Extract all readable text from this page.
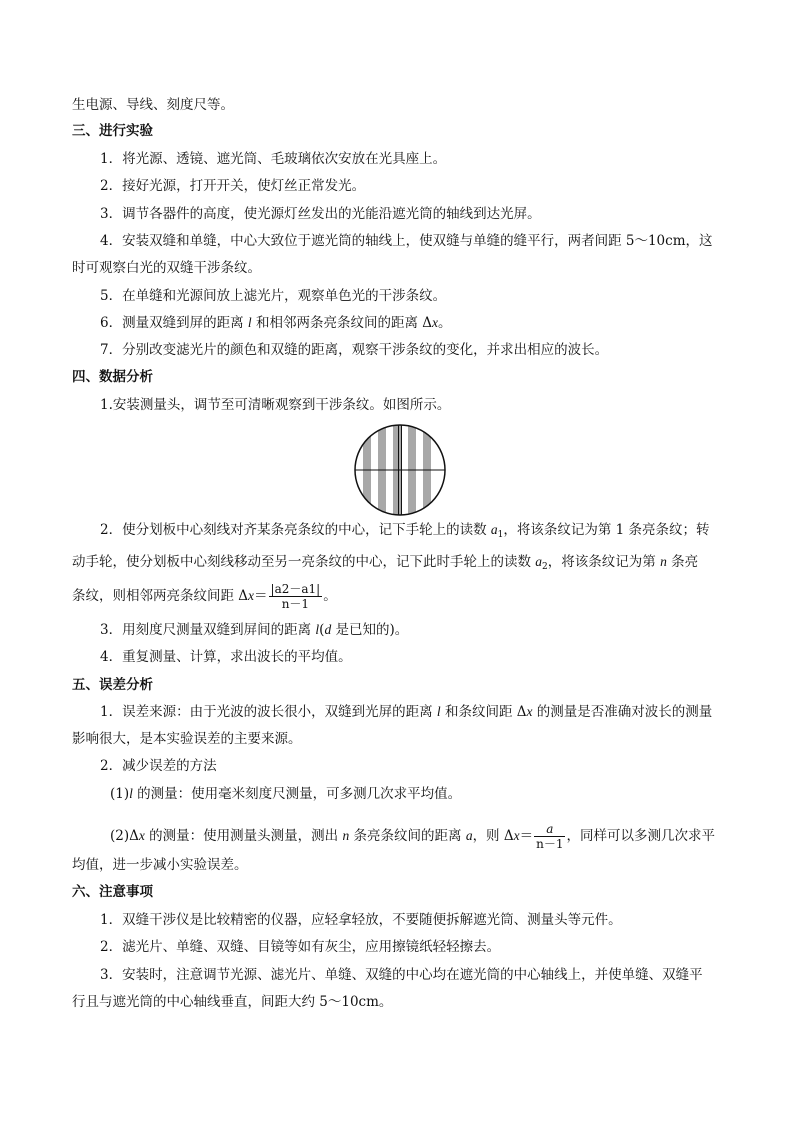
生电源、导线、刻度尺等。
三、进行实验
1．将光源、透镜、遮光筒、毛玻璃依次安放在光具座上。
2．接好光源，打开开关，使灯丝正常发光。
3．调节各器件的高度，使光源灯丝发出的光能沿遮光筒的轴线到达光屏。
4．安装双缝和单缝，中心大致位于遮光筒的轴线上，使双缝与单缝的缝平行，两者间距 5～10cm，这
时可观察白光的双缝干涉条纹。
5．在单缝和光源间放上滤光片，观察单色光的干涉条纹。
6．测量双缝到屏的距离 l 和相邻两条亮条纹间的距离 Δx。
7．分别改变滤光片的颜色和双缝的距离，观察干涉条纹的变化，并求出相应的波长。
四、数据分析
1.安装测量头，调节至可清晰观察到干涉条纹。如图所示。
2．使分划板中心刻线对齐某条亮条纹的中心，记下手轮上的读数 $a_1$，将该条纹记为第 1 条亮条纹；转
动手轮，使分划板中心刻线移动至另一亮条纹的中心，记下此时手轮上的读数 $a_2$，将该条纹记为第 n 条亮
条纹，则相邻两亮条纹间距 $\Delta x= \frac{|a2-a1|}{n-1}$ 。
3．用刻度尺测量双缝到屏间的距离 l(d 是已知的)。
4．重复测量、计算，求出波长的平均值。
五、误差分析
1．误差来源：由于光波的波长很小，双缝到光屏的距离 l 和条纹间距 Δx 的测量是否准确对波长的测量
影响很大，是本实验误差的主要来源。
2．减少误差的方法
(1)l 的测量：使用毫米刻度尺测量，可多测几次求平均值。
(2)Δx 的测量：使用测量头测量，测出 n 条亮条纹间的距离 a，则 $\Delta x= \frac{a}{n-1}$ ，同样可以多测几次求平
均值，进一步减小实验误差。
六、注意事项
1．双缝干涉仪是比较精密的仪器，应轻拿轻放，不要随便拆解遮光筒、测量头等元件。
2．滤光片、单缝、双缝、目镜等如有灰尘，应用擦镜纸轻轻擦去。
3．安装时，注意调节光源、滤光片、单缝、双缝的中心均在遮光筒的中心轴线上，并使单缝、双缝平
行且与遮光筒的中心轴线垂直，间距大约 5～10cm。
